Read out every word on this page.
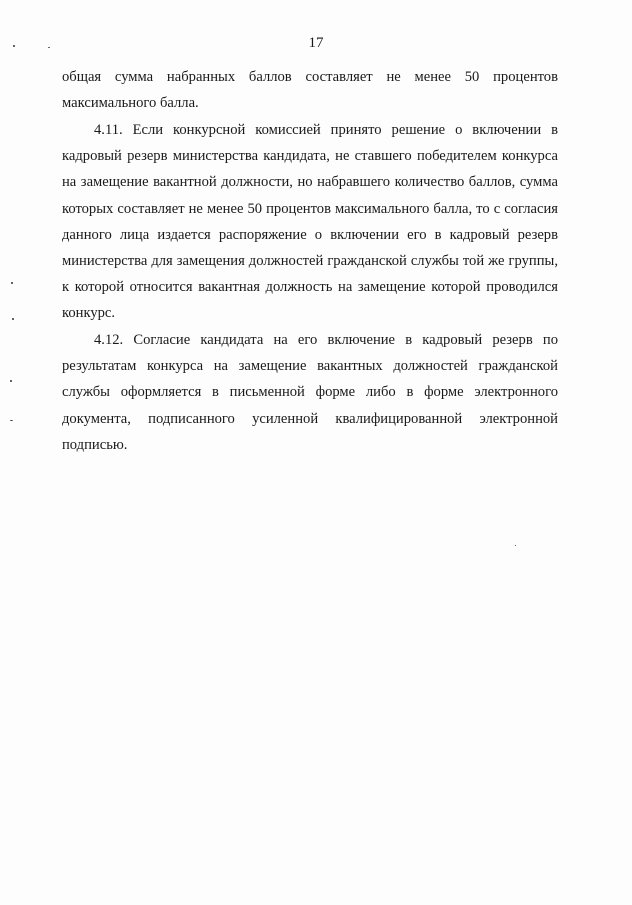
17
общая сумма набранных баллов составляет не менее 50 процентов
максимального балла.
4.11. Если конкурсной комиссией принято решение о включении в
кадровый резерв министерства кандидата, не ставшего победителем конкурса
на замещение вакантной должности, но набравшего количество баллов, сумма
которых составляет не менее 50 процентов максимального балла, то с согласия
данного лица издается распоряжение о включении его в кадровый резерв
министерства для замещения должностей гражданской службы той же группы,
к которой относится вакантная должность на замещение которой проводился
конкурс.
4.12. Согласие кандидата на его включение в кадровый резерв по
результатам конкурса на замещение вакантных должностей гражданской
службы оформляется в письменной форме либо в форме электронного
документа, подписанного усиленной квалифицированной электронной
подписью.
